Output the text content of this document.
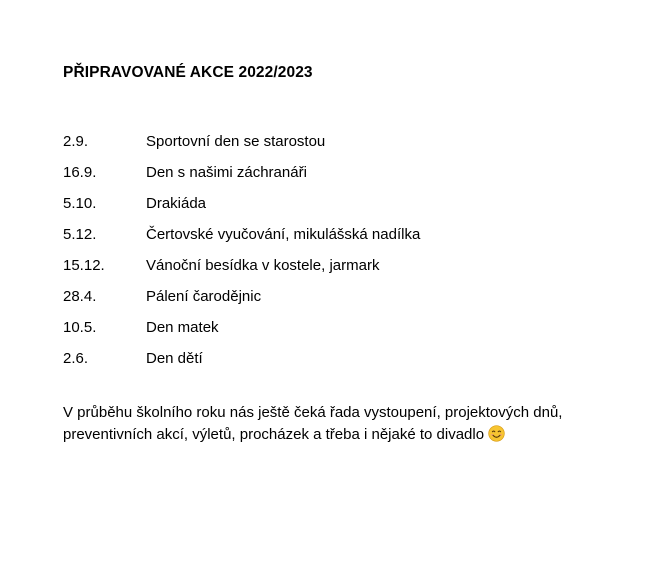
PŘIPRAVOVANÉ AKCE 2022/2023
2.9.	Sportovní den se starostou
16.9.	Den s našimi záchranáři
5.10.	Drakiáda
5.12.	Čertovské vyučování, mikulášská nadílka
15.12.	Vánoční besídka v kostele, jarmark
28.4.	Pálení čarodějnic
10.5.	Den matek
2.6.	Den dětí

V průběhu školního roku nás ještě čeká řada vystoupení, projektových dnů, preventivních akcí, výletů, procházek a třeba i nějaké to divadlo
